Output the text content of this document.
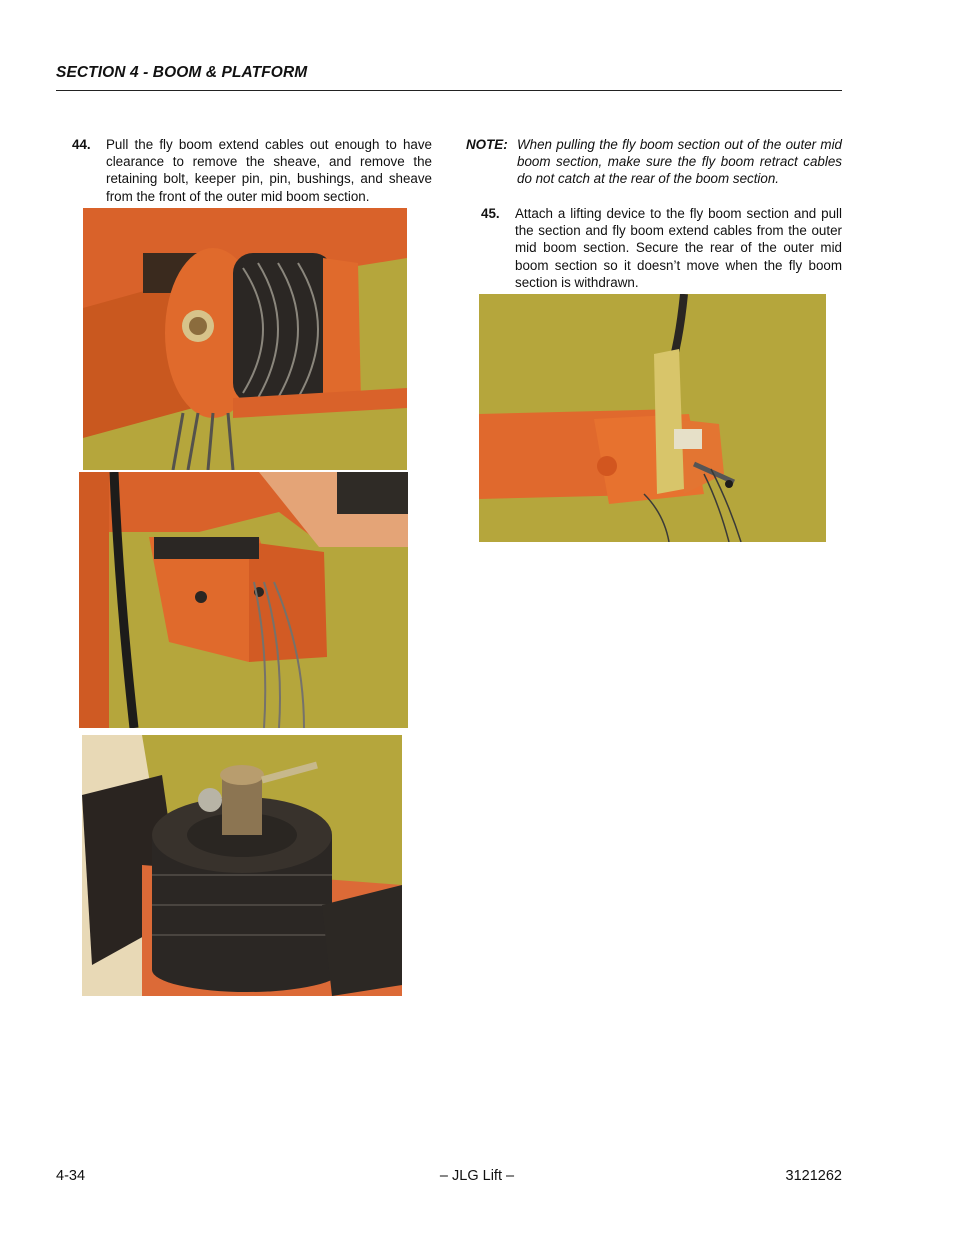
SECTION 4 - BOOM & PLATFORM
44. Pull the fly boom extend cables out enough to have clearance to remove the sheave, and remove the retaining bolt, keeper pin, pin, bushings, and sheave from the front of the outer mid boom section.
NOTE: When pulling the fly boom section out of the outer mid boom section, make sure the fly boom retract cables do not catch at the rear of the boom section.
45. Attach a lifting device to the fly boom section and pull the section and fly boom extend cables from the outer mid boom section. Secure the rear of the outer mid boom section so it doesn’t move when the fly boom section is withdrawn.
4-34	– JLG Lift –	3121262
